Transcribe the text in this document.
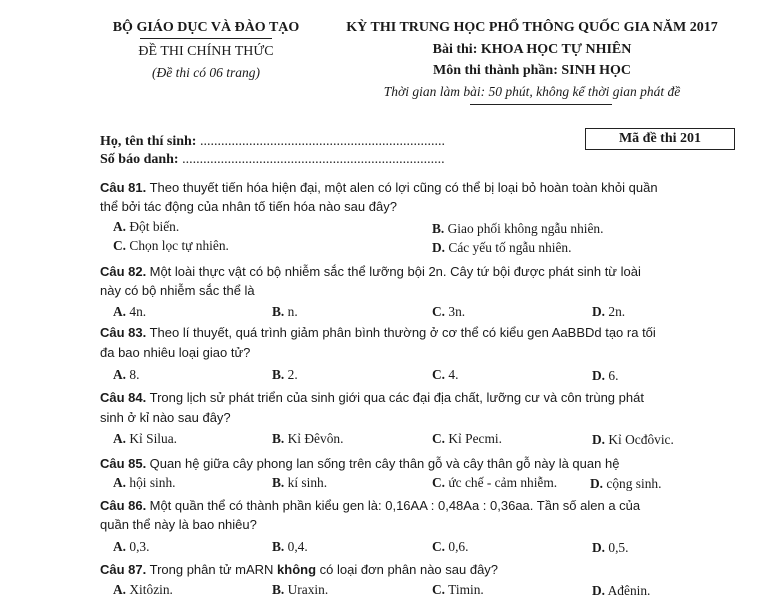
BỘ GIÁO DỤC VÀ ĐÀO TẠO
ĐỀ THI CHÍNH THỨC
(Đề thi có 06 trang)
KỲ THI TRUNG HỌC PHỔ THÔNG QUỐC GIA NĂM 2017
Bài thi: KHOA HỌC TỰ NHIÊN
Môn thi thành phần: SINH HỌC
Thời gian làm bài: 50 phút, không kể thời gian phát đề
Họ, tên thí sinh: ......................................................................
Số báo danh: ...........................................................................
Mã đề thi 201
Câu 81. Theo thuyết tiến hóa hiện đại, một alen có lợi cũng có thể bị loại bỏ hoàn toàn khỏi quần
thể bởi tác động của nhân tố tiến hóa nào sau đây?
A. Đột biến.	B. Giao phối không ngẫu nhiên.
C. Chọn lọc tự nhiên.	D. Các yếu tố ngẫu nhiên.
Câu 82. Một loài thực vật có bộ nhiễm sắc thể lưỡng bội 2n. Cây tứ bội được phát sinh từ loài
này có bộ nhiễm sắc thể là
A. 4n.	B. n.	C. 3n.	D. 2n.
Câu 83. Theo lí thuyết, quá trình giảm phân bình thường ở cơ thể có kiểu gen AaBBDd tạo ra tối
đa bao nhiêu loại giao tử?
A. 8.	B. 2.	C. 4.	D. 6.
Câu 84. Trong lịch sử phát triển của sinh giới qua các đại địa chất, lưỡng cư và côn trùng phát
sinh ở kỉ nào sau đây?
A. Kỉ Silua.	B. Kỉ Đêvôn.	C. Kỉ Pecmi.	D. Kỉ Ocđôvic.
Câu 85. Quan hệ giữa cây phong lan sống trên cây thân gỗ và cây thân gỗ này là quan hệ
A. hội sinh.	B. kí sinh.	C. ức chế - cảm nhiễm. D. cộng sinh.
Câu 86. Một quần thể có thành phần kiểu gen là: 0,16AA : 0,48Aa : 0,36aa. Tần số alen a của
quần thể này là bao nhiêu?
A. 0,3.	B. 0,4.	C. 0,6.	D. 0,5.
Câu 87. Trong phân tử mARN không có loại đơn phân nào sau đây?
A. Xitôzin.	B. Uraxin.	C. Timin.	D. Ađênin.
